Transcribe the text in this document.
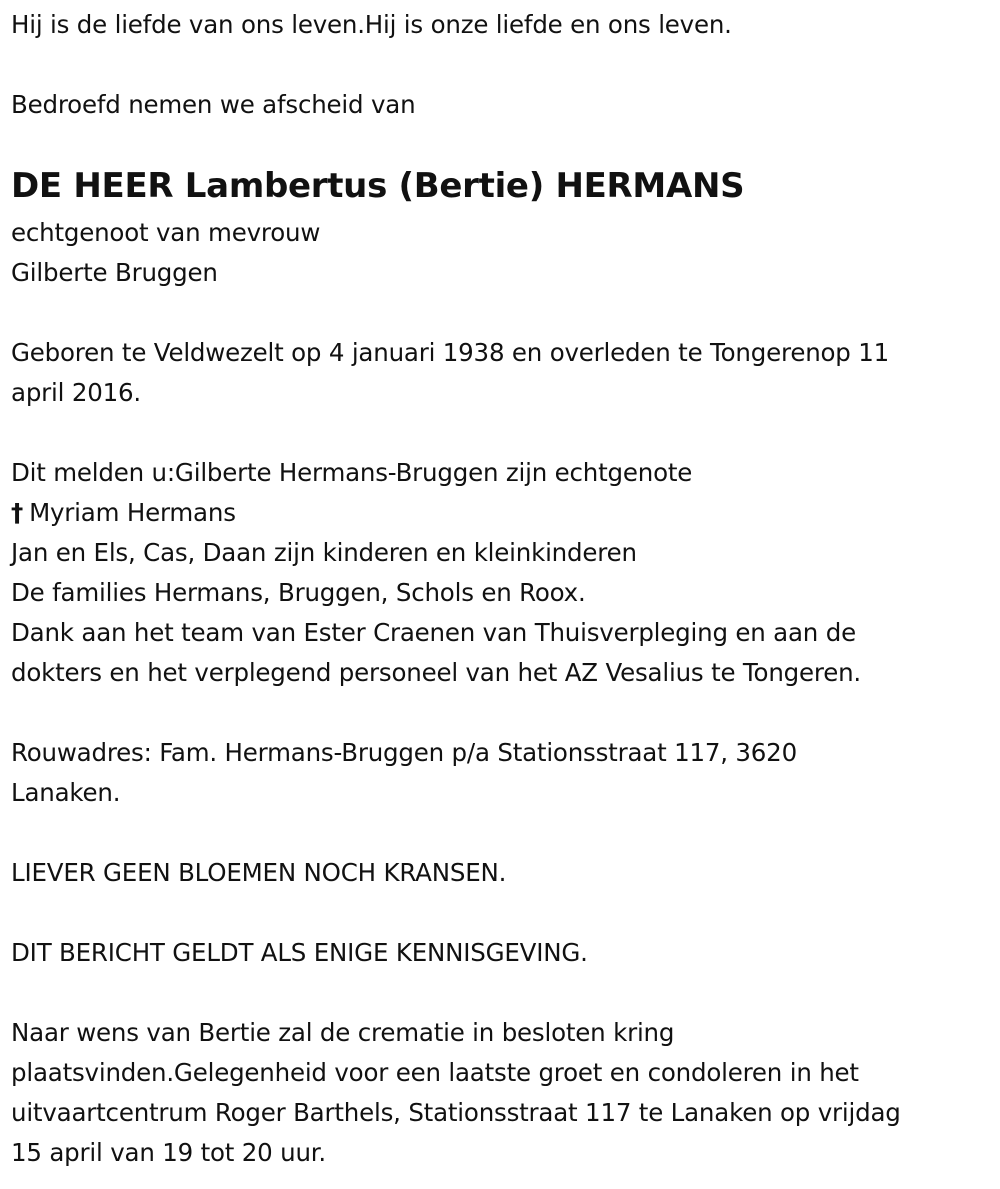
Hij is de liefde van ons leven.Hij is onze liefde en ons leven.
Bedroefd nemen we afscheid van
DE HEER Lambertus (Bertie) HERMANS
echtgenoot van mevrouw
Gilberte Bruggen
Geboren te Veldwezelt op 4 januari 1938 en overleden te Tongerenop 11
april 2016.
Dit melden u:Gilberte Hermans-Bruggen zijn echtgenote
† Myriam Hermans
Jan en Els, Cas, Daan zijn kinderen en kleinkinderen
De families Hermans, Bruggen, Schols en Roox.
Dank aan het team van Ester Craenen van Thuisverpleging en aan de
dokters en het verplegend personeel van het AZ Vesalius te Tongeren.
Rouwadres: Fam. Hermans-Bruggen p/a Stationsstraat 117, 3620
Lanaken.
LIEVER GEEN BLOEMEN NOCH KRANSEN.
DIT BERICHT GELDT ALS ENIGE KENNISGEVING.
Naar wens van Bertie zal de crematie in besloten kring
plaatsvinden.Gelegenheid voor een laatste groet en condoleren in het
uitvaartcentrum Roger Barthels, Stationsstraat 117 te Lanaken op vrijdag
15 april van 19 tot 20 uur.
